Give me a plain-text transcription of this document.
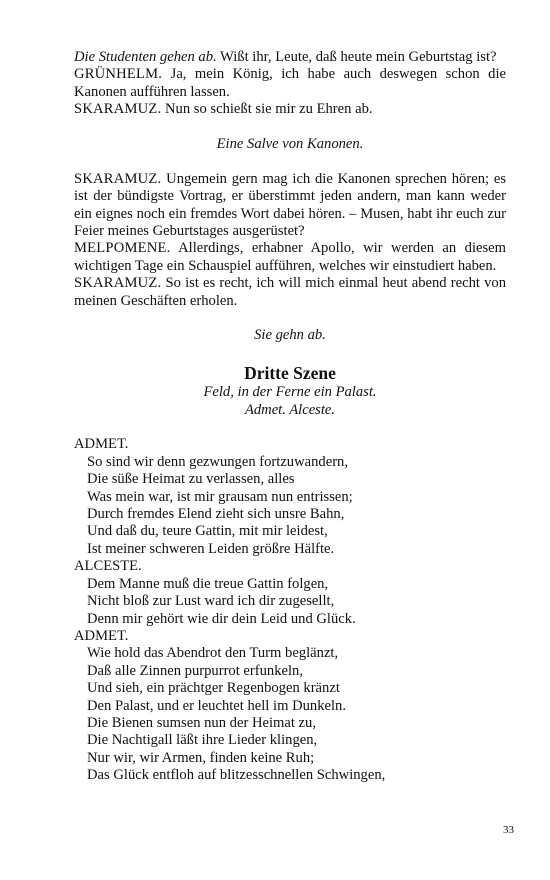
Die Studenten gehen ab. Wißt ihr, Leute, daß heute mein Geburtstag ist?

GRÜNHELM. Ja, mein König, ich habe auch deswegen schon die Kanonen aufführen lassen.

SKARAMUZ. Nun so schießt sie mir zu Ehren ab.

Eine Salve von Kanonen.

SKARAMUZ. Ungemein gern mag ich die Kanonen sprechen hören; es ist der bündigste Vortrag, er überstimmt jeden andern, man kann weder ein eignes noch ein fremdes Wort dabei hören. – Musen, habt ihr euch zur Feier meines Geburtstages ausgerüstet?

MELPOMENE. Allerdings, erhabner Apollo, wir werden an diesem wichtigen Tage ein Schauspiel aufführen, welches wir einstudiert haben.

SKARAMUZ. So ist es recht, ich will mich einmal heut abend recht von meinen Geschäften erholen.

Sie gehn ab.

Dritte Szene

Feld, in der Ferne ein Palast.

Admet. Alceste.

ADMET.

So sind wir denn gezwungen fortzuwandern,

Die süße Heimat zu verlassen, alles

Was mein war, ist mir grausam nun entrissen;

Durch fremdes Elend zieht sich unsre Bahn,

Und daß du, teure Gattin, mit mir leidest,

Ist meiner schweren Leiden größre Hälfte.

ALCESTE.

Dem Manne muß die treue Gattin folgen,

Nicht bloß zur Lust ward ich dir zugesellt,

Denn mir gehört wie dir dein Leid und Glück.

ADMET.

Wie hold das Abendrot den Turm beglänzt,

Daß alle Zinnen purpurrot erfunkeln,

Und sieh, ein prächtger Regenbogen kränzt

Den Palast, und er leuchtet hell im Dunkeln.

Die Bienen sumsen nun der Heimat zu,

Die Nachtigall läßt ihre Lieder klingen,

Nur wir, wir Armen, finden keine Ruh;

Das Glück entfloh auf blitzesschnellen Schwingen,

33
